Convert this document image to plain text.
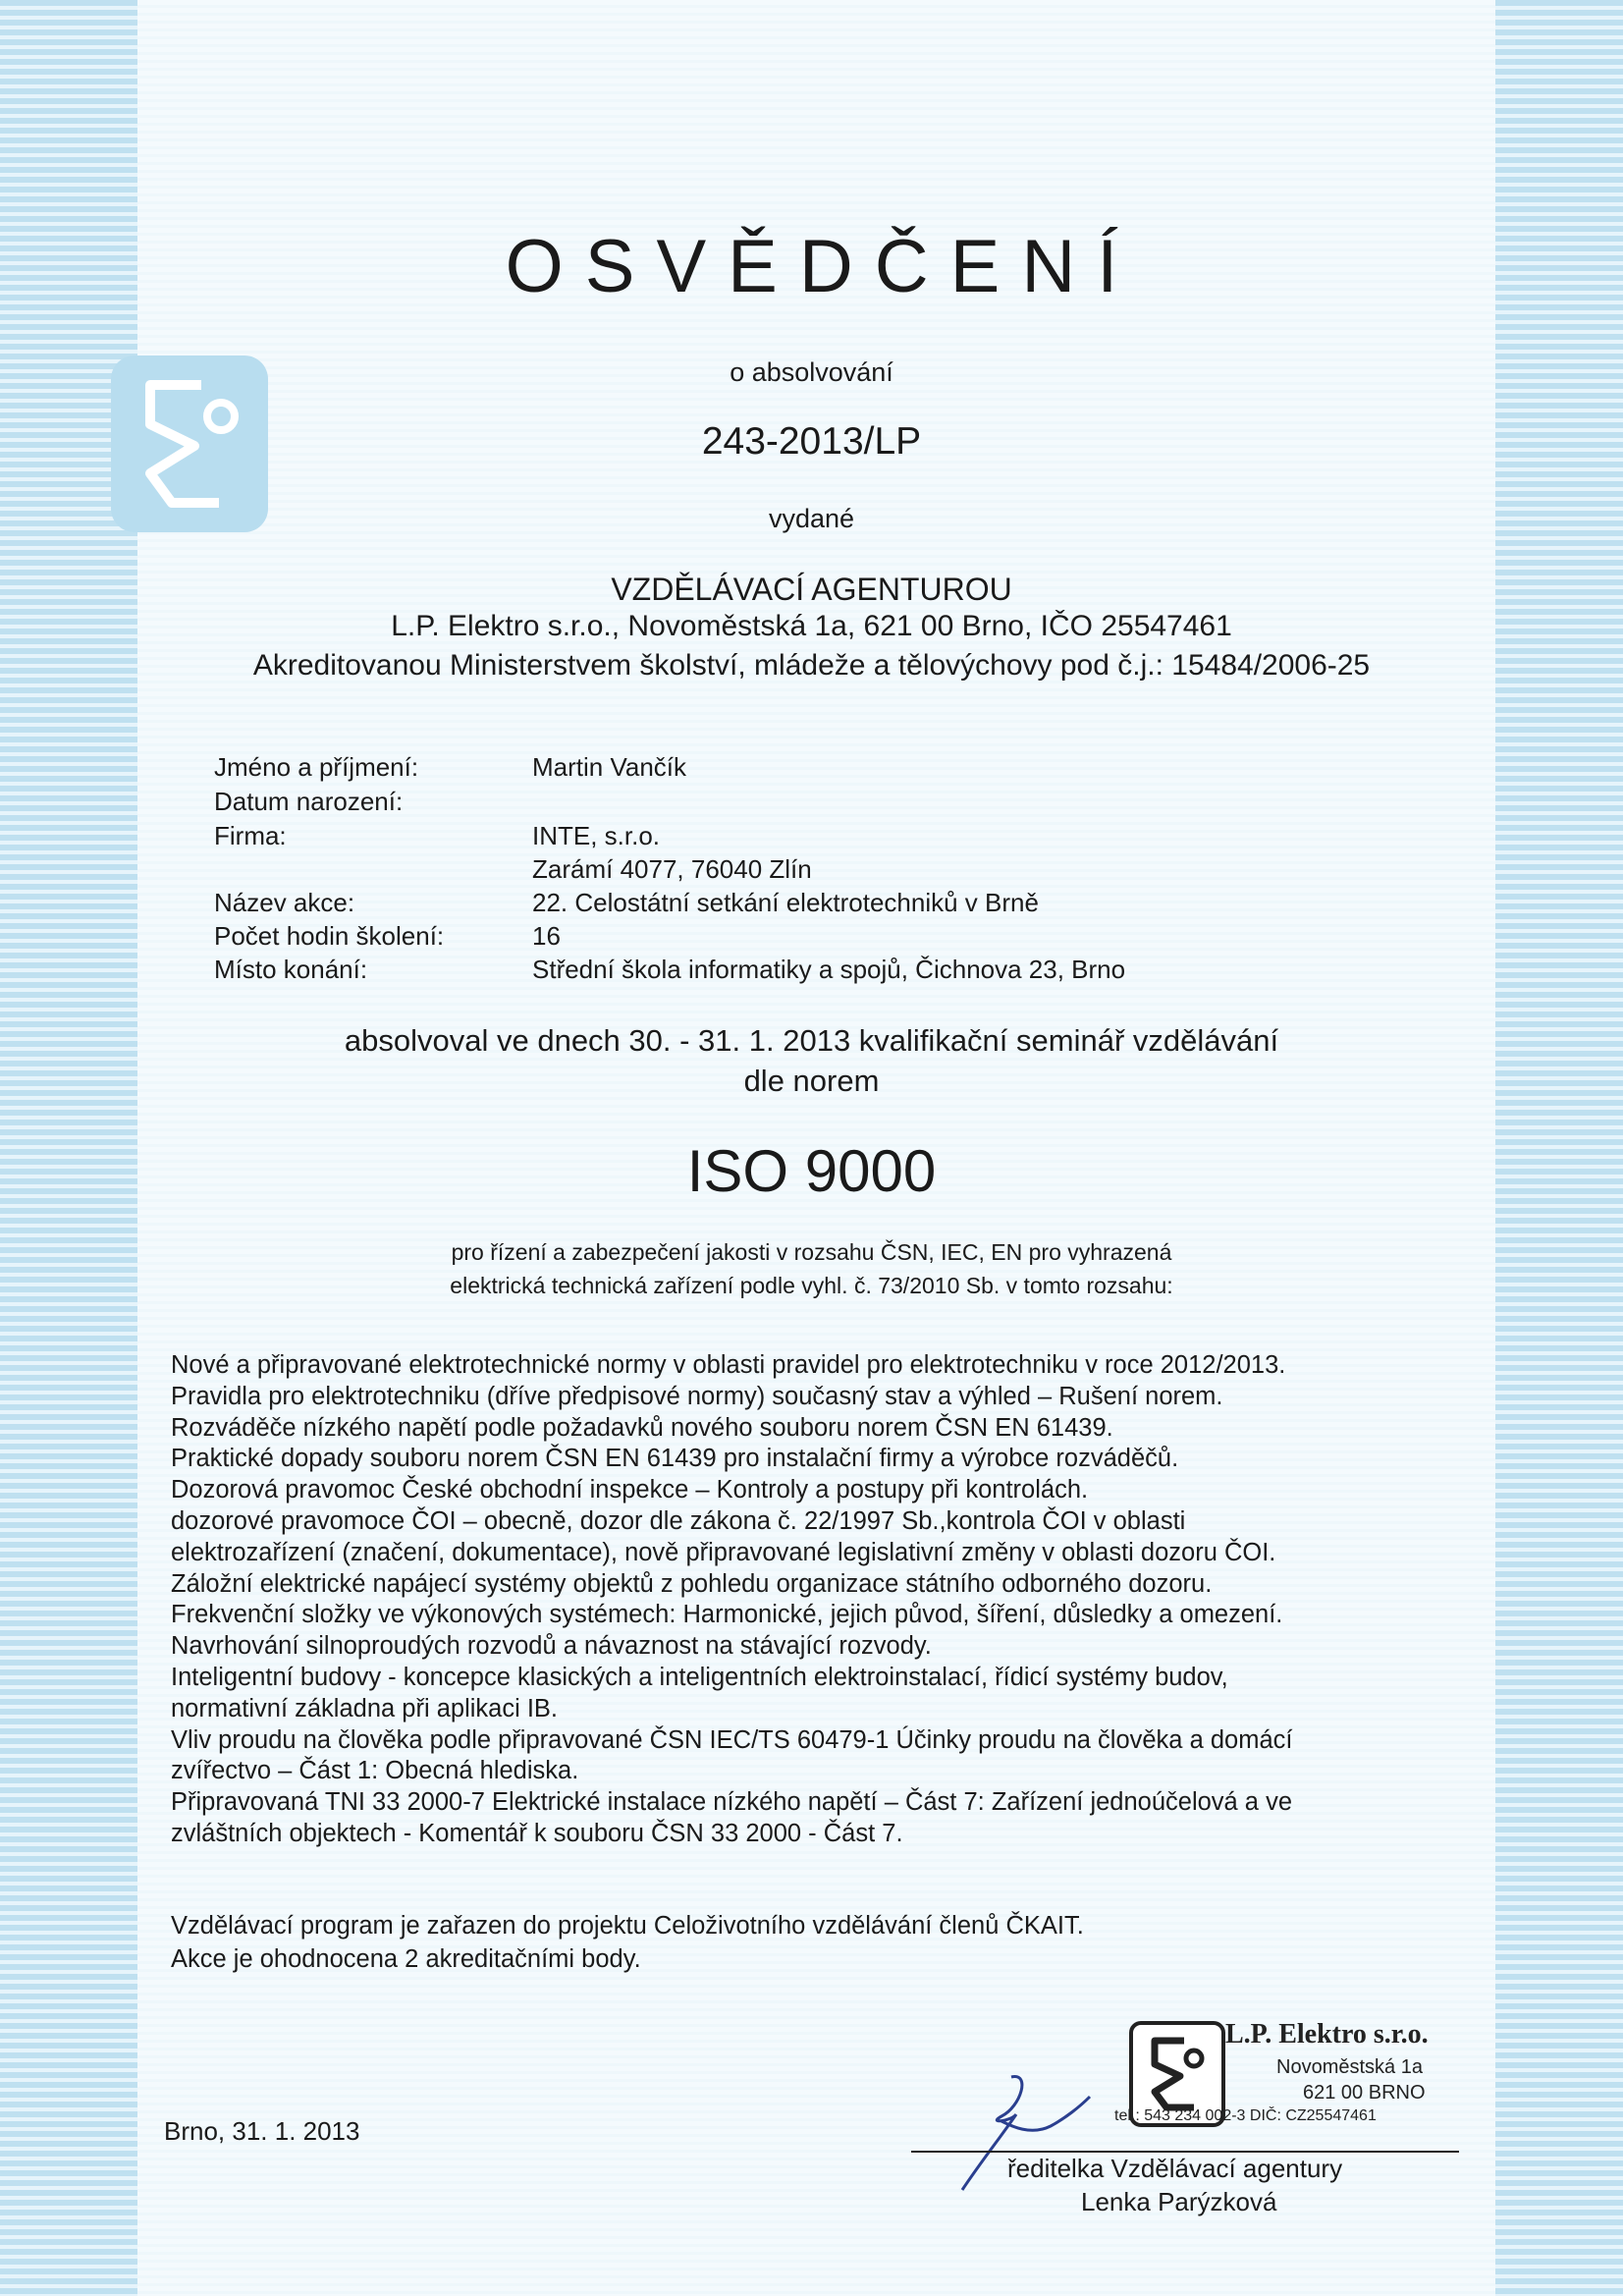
OSVĚDČENÍ
o absolvování
243-2013/LP
vydané
VZDĚLÁVACÍ AGENTUROU
L.P. Elektro s.r.o., Novoměstská 1a, 621 00 Brno, IČO 25547461
Akreditovanou Ministerstvem školství, mládeže a tělovýchovy pod č.j.: 15484/2006-25
Jméno a příjmení:	Martin Vančík
Datum narození:
Firma:	INTE, s.r.o.
Zarámí 4077, 76040 Zlín
Název akce:	22. Celostátní setkání elektrotechniků v Brně
Počet hodin školení:	16
Místo konání:	Střední škola informatiky a spojů, Čichnova 23, Brno
absolvoval ve dnech 30. - 31. 1. 2013 kvalifikační seminář vzdělávání
dle norem
ISO 9000
pro řízení a zabezpečení jakosti v rozsahu ČSN, IEC, EN pro vyhrazená
elektrická technická zařízení podle vyhl. č. 73/2010 Sb. v tomto rozsahu:
Nové a připravované elektrotechnické normy v oblasti pravidel pro elektrotechniku v roce 2012/2013.
Pravidla pro elektrotechniku (dříve předpisové normy) současný stav a výhled – Rušení norem.
Rozváděče nízkého napětí podle požadavků nového souboru norem ČSN EN 61439.
Praktické dopady souboru norem ČSN EN 61439 pro instalační firmy a výrobce rozváděčů.
Dozorová pravomoc České obchodní inspekce – Kontroly a postupy při kontrolách.
dozorové pravomoce ČOI – obecně, dozor dle zákona č. 22/1997 Sb.,kontrola ČOI v oblasti
elektrozařízení (značení, dokumentace), nově připravované legislativní změny v oblasti dozoru ČOI.
Záložní elektrické napájecí systémy objektů z pohledu organizace státního odborného dozoru.
Frekvenční složky ve výkonových systémech: Harmonické, jejich původ, šíření, důsledky a omezení.
Navrhování silnoproudých rozvodů a návaznost na stávající rozvody.
Inteligentní budovy - koncepce klasických a inteligentních elektroinstalací, řídicí systémy budov,
normativní základna při aplikaci IB.
Vliv proudu na člověka podle připravované ČSN IEC/TS 60479-1 Účinky proudu na člověka a domácí
zvířectvo – Část 1: Obecná hlediska.
Připravovaná TNI 33 2000-7 Elektrické instalace nízkého napětí – Část 7: Zařízení jednoúčelová a ve
zvláštních objektech - Komentář k souboru ČSN 33 2000 - Část 7.
Vzdělávací program je zařazen do projektu Celoživotního vzdělávání členů ČKAIT.
Akce je ohodnocena 2 akreditačními body.
L.P. Elektro s.r.o.
Novoměstská 1a
621 00 BRNO
tel.: 543 234 002-3 DIČ: CZ25547461
Brno, 31. 1. 2013
ředitelka Vzdělávací agentury
Lenka Parýzková
